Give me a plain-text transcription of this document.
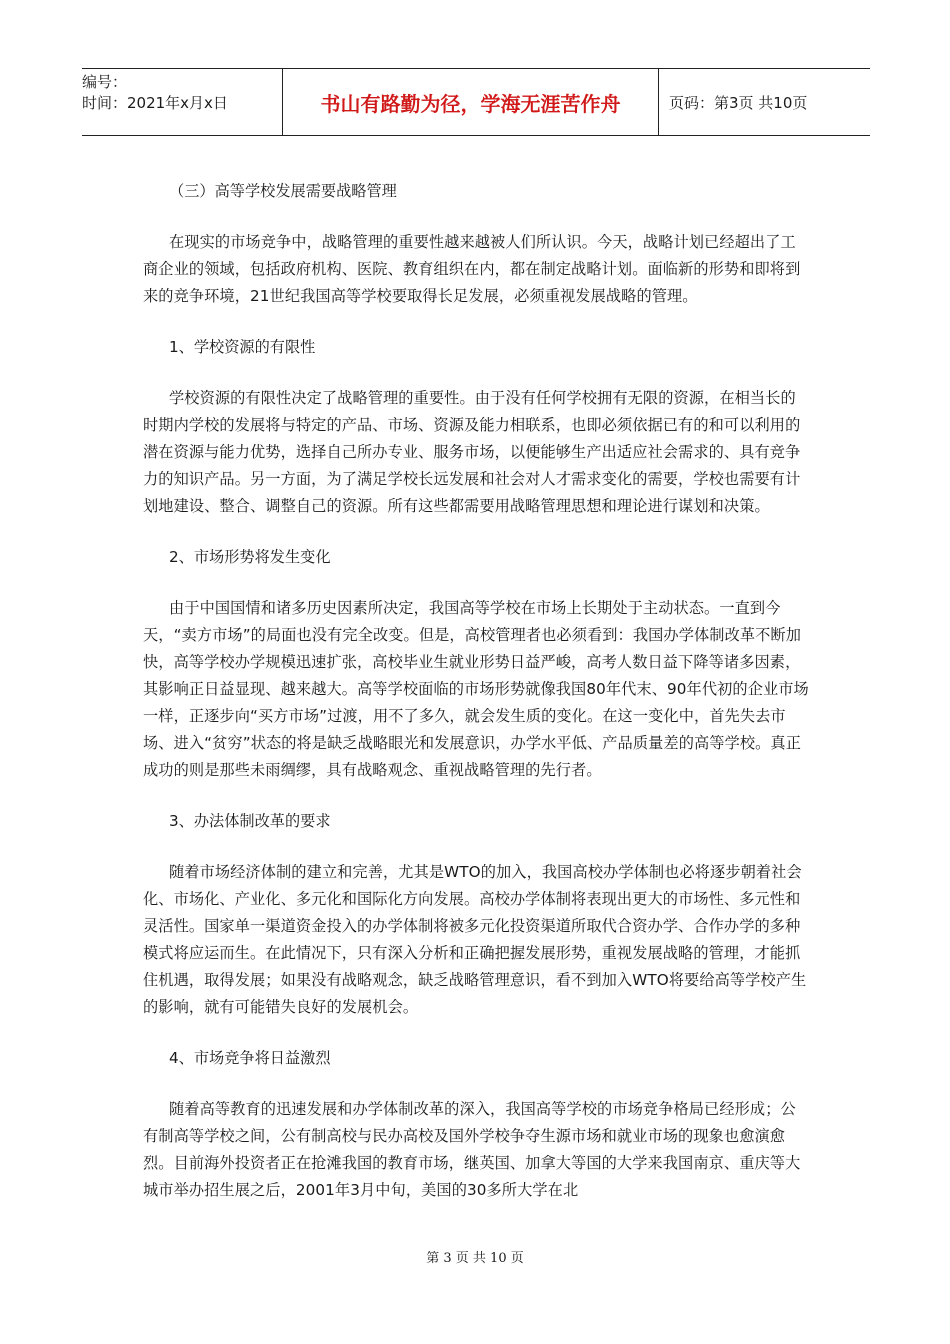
编号：
时间：2021年x月x日	书山有路勤为径，学海无涯苦作舟	页码：第3页 共10页

（三）高等学校发展需要战略管理

在现实的市场竞争中，战略管理的重要性越来越被人们所认识。今天，战略计划已经超出了工商企业的领域，包括政府机构、医院、教育组织在内，都在制定战略计划。面临新的形势和即将到来的竞争环境，21世纪我国高等学校要取得长足发展，必须重视发展战略的管理。

1、学校资源的有限性

学校资源的有限性决定了战略管理的重要性。由于没有任何学校拥有无限的资源，在相当长的时期内学校的发展将与特定的产品、市场、资源及能力相联系，也即必须依据已有的和可以利用的潜在资源与能力优势，选择自己所办专业、服务市场，以便能够生产出适应社会需求的、具有竞争力的知识产品。另一方面，为了满足学校长远发展和社会对人才需求变化的需要，学校也需要有计划地建设、整合、调整自己的资源。所有这些都需要用战略管理思想和理论进行谋划和决策。

2、市场形势将发生变化

由于中国国情和诸多历史因素所决定，我国高等学校在市场上长期处于主动状态。一直到今天，“卖方市场”的局面也没有完全改变。但是，高校管理者也必须看到：我国办学体制改革不断加快，高等学校办学规模迅速扩张，高校毕业生就业形势日益严峻，高考人数日益下降等诸多因素，其影响正日益显现、越来越大。高等学校面临的市场形势就像我国80年代末、90年代初的企业市场一样，正逐步向“买方市场”过渡，用不了多久，就会发生质的变化。在这一变化中，首先失去市场、进入“贫穷”状态的将是缺乏战略眼光和发展意识，办学水平低、产品质量差的高等学校。真正成功的则是那些未雨绸缪，具有战略观念、重视战略管理的先行者。

3、办法体制改革的要求

随着市场经济体制的建立和完善，尤其是WTO的加入，我国高校办学体制也必将逐步朝着社会化、市场化、产业化、多元化和国际化方向发展。高校办学体制将表现出更大的市场性、多元性和灵活性。国家单一渠道资金投入的办学体制将被多元化投资渠道所取代合资办学、合作办学的多种模式将应运而生。在此情况下，只有深入分析和正确把握发展形势，重视发展战略的管理，才能抓住机遇，取得发展；如果没有战略观念，缺乏战略管理意识，看不到加入WTO将要给高等学校产生的影响，就有可能错失良好的发展机会。

4、市场竞争将日益激烈

随着高等教育的迅速发展和办学体制改革的深入，我国高等学校的市场竞争格局已经形成；公有制高等学校之间，公有制高校与民办高校及国外学校争夺生源市场和就业市场的现象也愈演愈烈。目前海外投资者正在抢滩我国的教育市场，继英国、加拿大等国的大学来我国南京、重庆等大城市举办招生展之后，2001年3月中旬，美国的30多所大学在北

第 3 页 共 10 页
